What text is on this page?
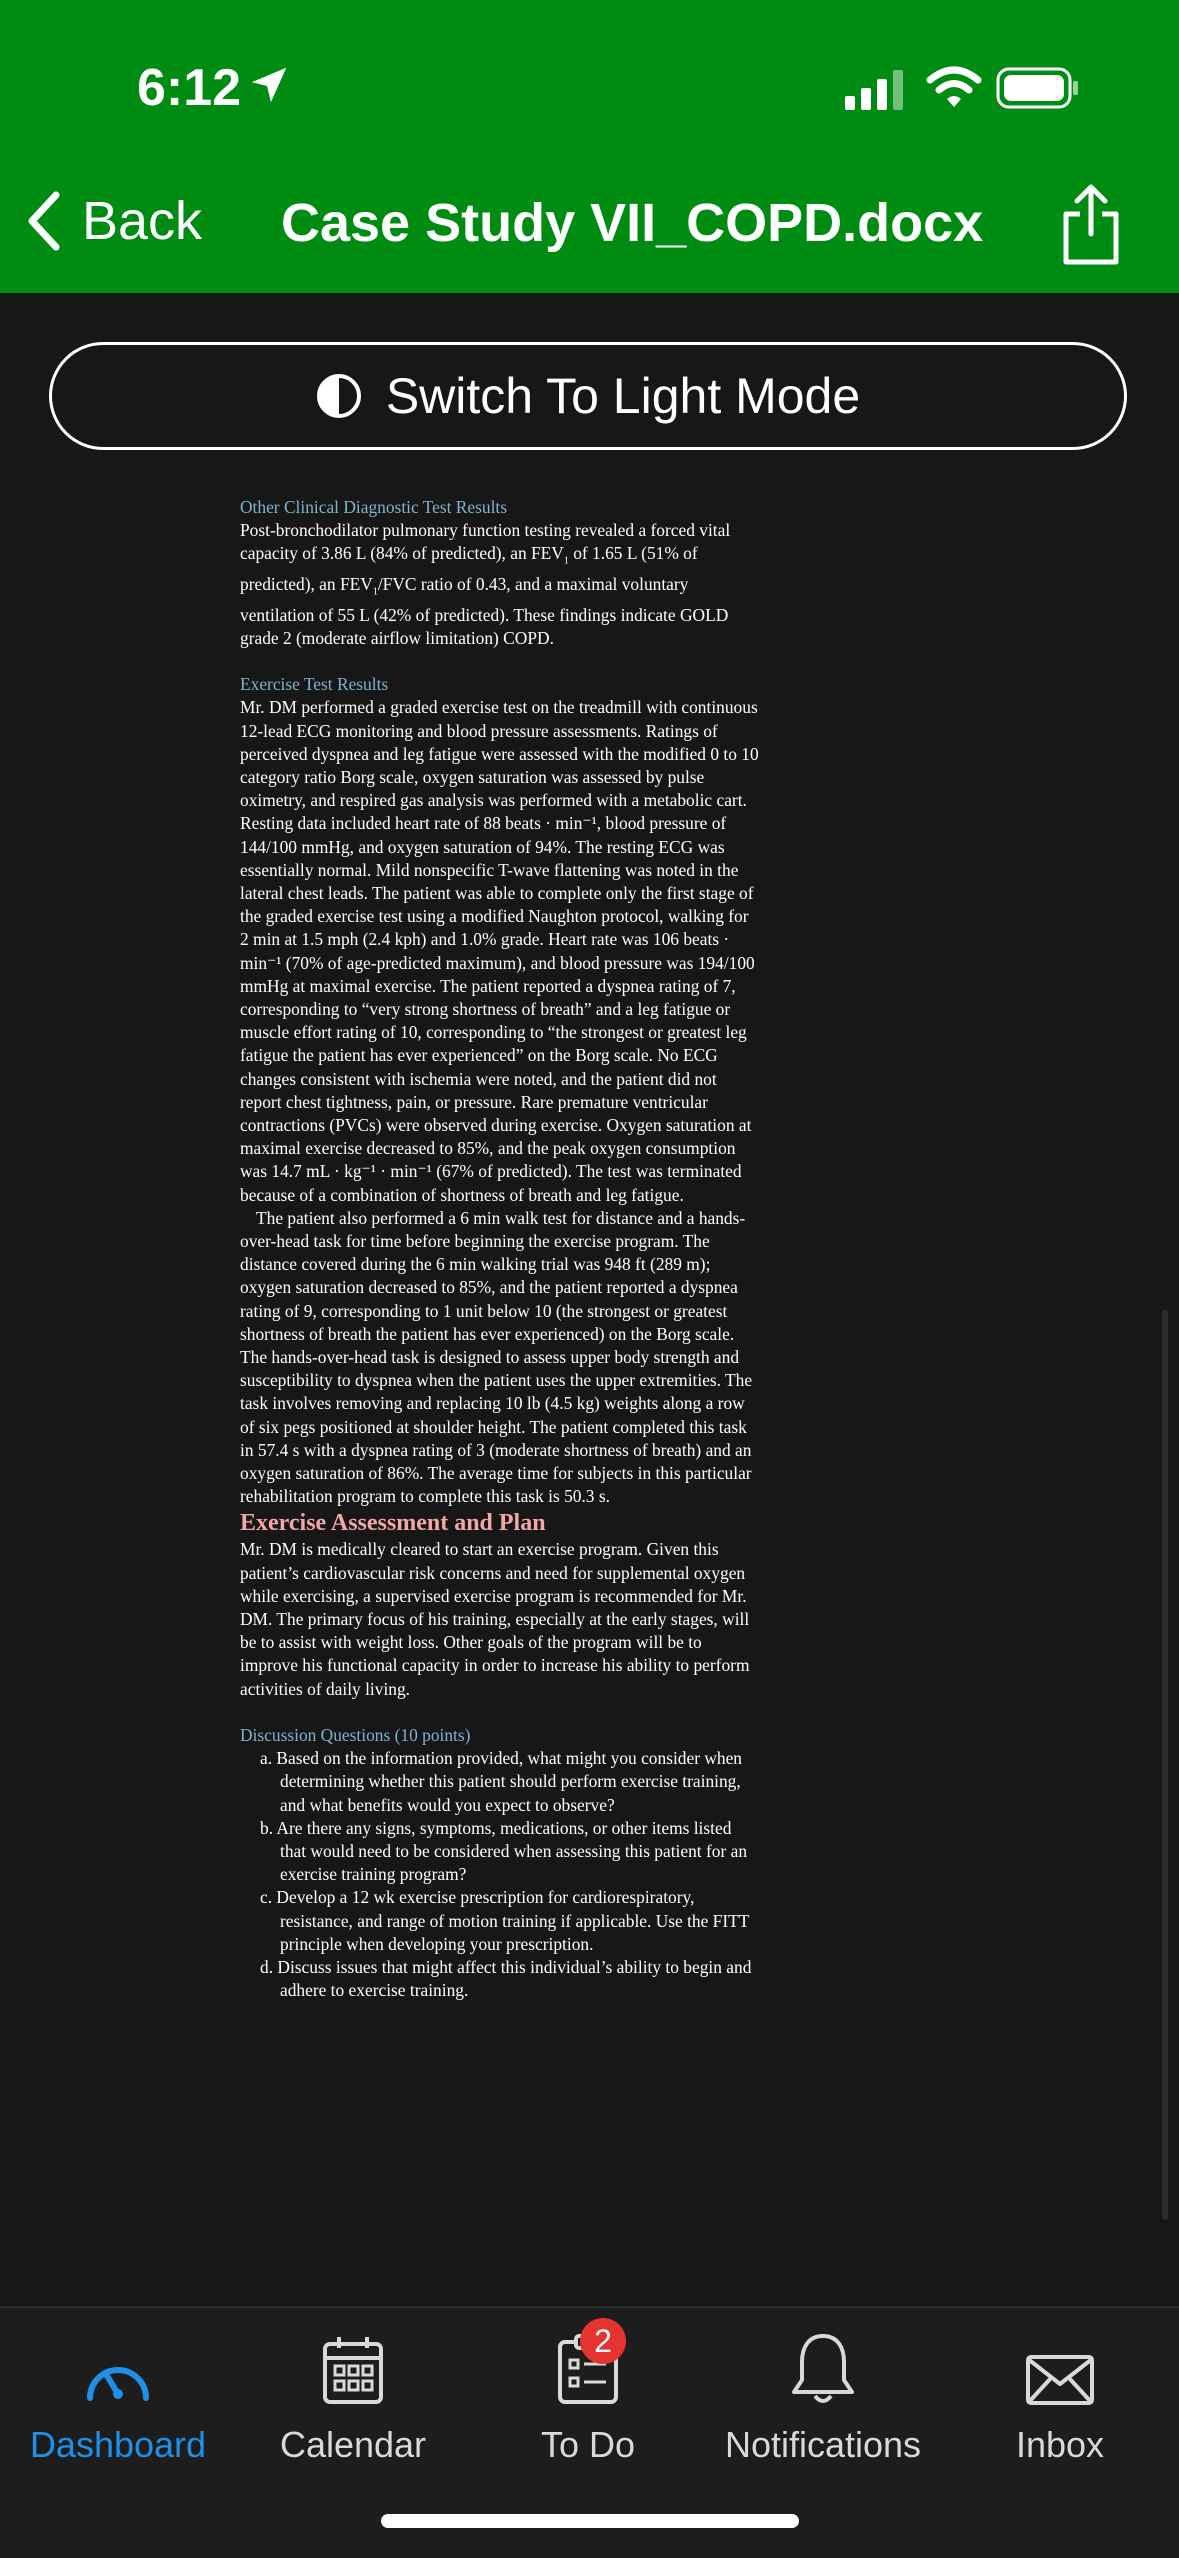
6:12
Back Case Study VII_COPD.docx
Switch To Light Mode

Other Clinical Diagnostic Test Results

Post-bronchodilator pulmonary function testing revealed a forced vital capacity of 3.86 L (84% of predicted), an $FEV_1$ of 1.65 L (51% of predicted), an $FEV_1$/FVC ratio of 0.43, and a maximal voluntary ventilation of 55 L (42% of predicted). These findings indicate GOLD grade 2 (moderate airflow limitation) COPD.

Exercise Test Results

Mr. DM performed a graded exercise test on the treadmill with continuous 12-lead ECG monitoring and blood pressure assessments. Ratings of perceived dyspnea and leg fatigue were assessed with the modified 0 to 10 category ratio Borg scale, oxygen saturation was assessed by pulse oximetry, and respired gas analysis was performed with a metabolic cart. Resting data included heart rate of 88 beats · min⁻¹, blood pressure of 144/100 mmHg, and oxygen saturation of 94%. The resting ECG was essentially normal. Mild nonspecific T-wave flattening was noted in the lateral chest leads. The patient was able to complete only the first stage of the graded exercise test using a modified Naughton protocol, walking for 2 min at 1.5 mph (2.4 kph) and 1.0% grade. Heart rate was 106 beats · min⁻¹ (70% of age-predicted maximum), and blood pressure was 194/100 mmHg at maximal exercise. The patient reported a dyspnea rating of 7, corresponding to “very strong shortness of breath” and a leg fatigue or muscle effort rating of 10, corresponding to “the strongest or greatest leg fatigue the patient has ever experienced” on the Borg scale. No ECG changes consistent with ischemia were noted, and the patient did not report chest tightness, pain, or pressure. Rare premature ventricular contractions (PVCs) were observed during exercise. Oxygen saturation at maximal exercise decreased to 85%, and the peak oxygen consumption was 14.7 mL · kg⁻¹ · min⁻¹ (67% of predicted). The test was terminated because of a combination of shortness of breath and leg fatigue.

The patient also performed a 6 min walk test for distance and a hands-over-head task for time before beginning the exercise program. The distance covered during the 6 min walking trial was 948 ft (289 m); oxygen saturation decreased to 85%, and the patient reported a dyspnea rating of 9, corresponding to 1 unit below 10 (the strongest or greatest shortness of breath the patient has ever experienced) on the Borg scale. The hands-over-head task is designed to assess upper body strength and susceptibility to dyspnea when the patient uses the upper extremities. The task involves removing and replacing 10 lb (4.5 kg) weights along a row of six pegs positioned at shoulder height. The patient completed this task in 57.4 s with a dyspnea rating of 3 (moderate shortness of breath) and an oxygen saturation of 86%. The average time for subjects in this particular rehabilitation program to complete this task is 50.3 s.

Exercise Assessment and Plan

Mr. DM is medically cleared to start an exercise program. Given this patient’s cardiovascular risk concerns and need for supplemental oxygen while exercising, a supervised exercise program is recommended for Mr. DM. The primary focus of his training, especially at the early stages, will be to assist with weight loss. Other goals of the program will be to improve his functional capacity in order to increase his ability to perform activities of daily living.

Discussion Questions (10 points)

a. Based on the information provided, what might you consider when determining whether this patient should perform exercise training, and what benefits would you expect to observe?
b. Are there any signs, symptoms, medications, or other items listed that would need to be considered when assessing this patient for an exercise training program?
c. Develop a 12 wk exercise prescription for cardiorespiratory, resistance, and range of motion training if applicable. Use the FITT principle when developing your prescription.
d. Discuss issues that might affect this individual’s ability to begin and adhere to exercise training.
Dashboard Calendar
2
To Do Notifications	Inbox
